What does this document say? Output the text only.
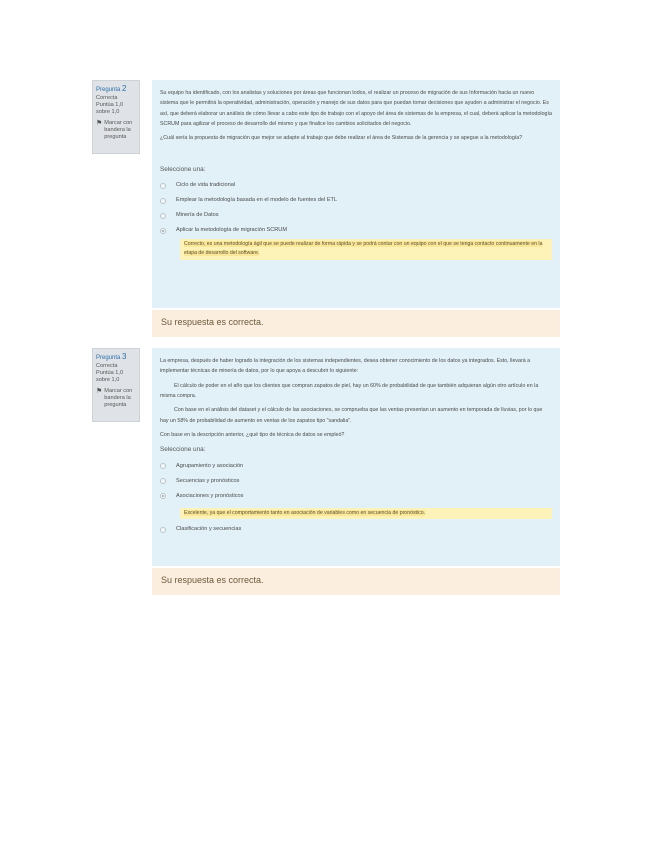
Pregunta 2
Correcta
Puntúa 1,0 sobre 1,0
⚑ Marcar con bandera la pregunta

Su equipo ha identificado, con los analistas y soluciones por áreas que funcionan todos, el realizar un proceso de migración de sus Información hacia un nuevo sistema que le permitirá la operatividad, administración, operación y manejo de sus datos para que puedan tomar decisiones que ayuden a administrar el negocio. Es así, que deberá elaborar un análisis de cómo llevar a cabo este tipo de trabajo con el apoyo del área de sistemas de la empresa, el cual, deberá aplicar la metodología SCRUM para agilizar el proceso de desarrollo del mismo y que finalice los cambios solicitados del negocio.

¿Cuál sería la propuesta de migración que mejor se adapte al trabajo que debe realizar el área de Sistemas de la gerencia y se apegue a la metodología?

Seleccione una:
Ciclo de vida tradicional
Emplear la metodología basada en el modelo de fuentes del ETL
Minería de Datos
Aplicar la metodología de migración SCRUM
Correcto, es una metodología ágil que se puede realizar de forma rápida y se podrá contar con un equipo con el que se tenga contacto continuamente en la etapa de desarrollo del software.
Su respuesta es correcta.
Pregunta 3
Correcta
Puntúa 1,0 sobre 1,0
⚑ Marcar con bandera la pregunta

La empresa, después de haber logrado la integración de los sistemas independientes, desea obtener conocimiento de los datos ya integrados. Esto, llevará a implementar técnicas de minería de datos, por lo que apoya a descubrir lo siguiente:

El cálculo de poder en el año que los clientes que compran zapatos de piel, hay un 60% de probabilidad de que también adquieran algún otro artículo en la misma compra.

Con base en el análisis del dataset y el cálculo de las asociaciones, se comprueba que las ventas presentan un aumento en temporada de lluvias, por lo que hay un 58% de probabilidad de aumento en ventas de los zapatos tipo "sandalia".

Con base en la descripción anterior, ¿qué tipo de técnica de datos se empleó?

Seleccione una:
Agrupamiento y asociación
Secuencias y pronósticos
Asociaciones y pronósticos
Excelente, ya que el comportamiento tanto en asociación de variables como en secuencia de pronóstico.
Clasificación y secuencias
Su respuesta es correcta.
